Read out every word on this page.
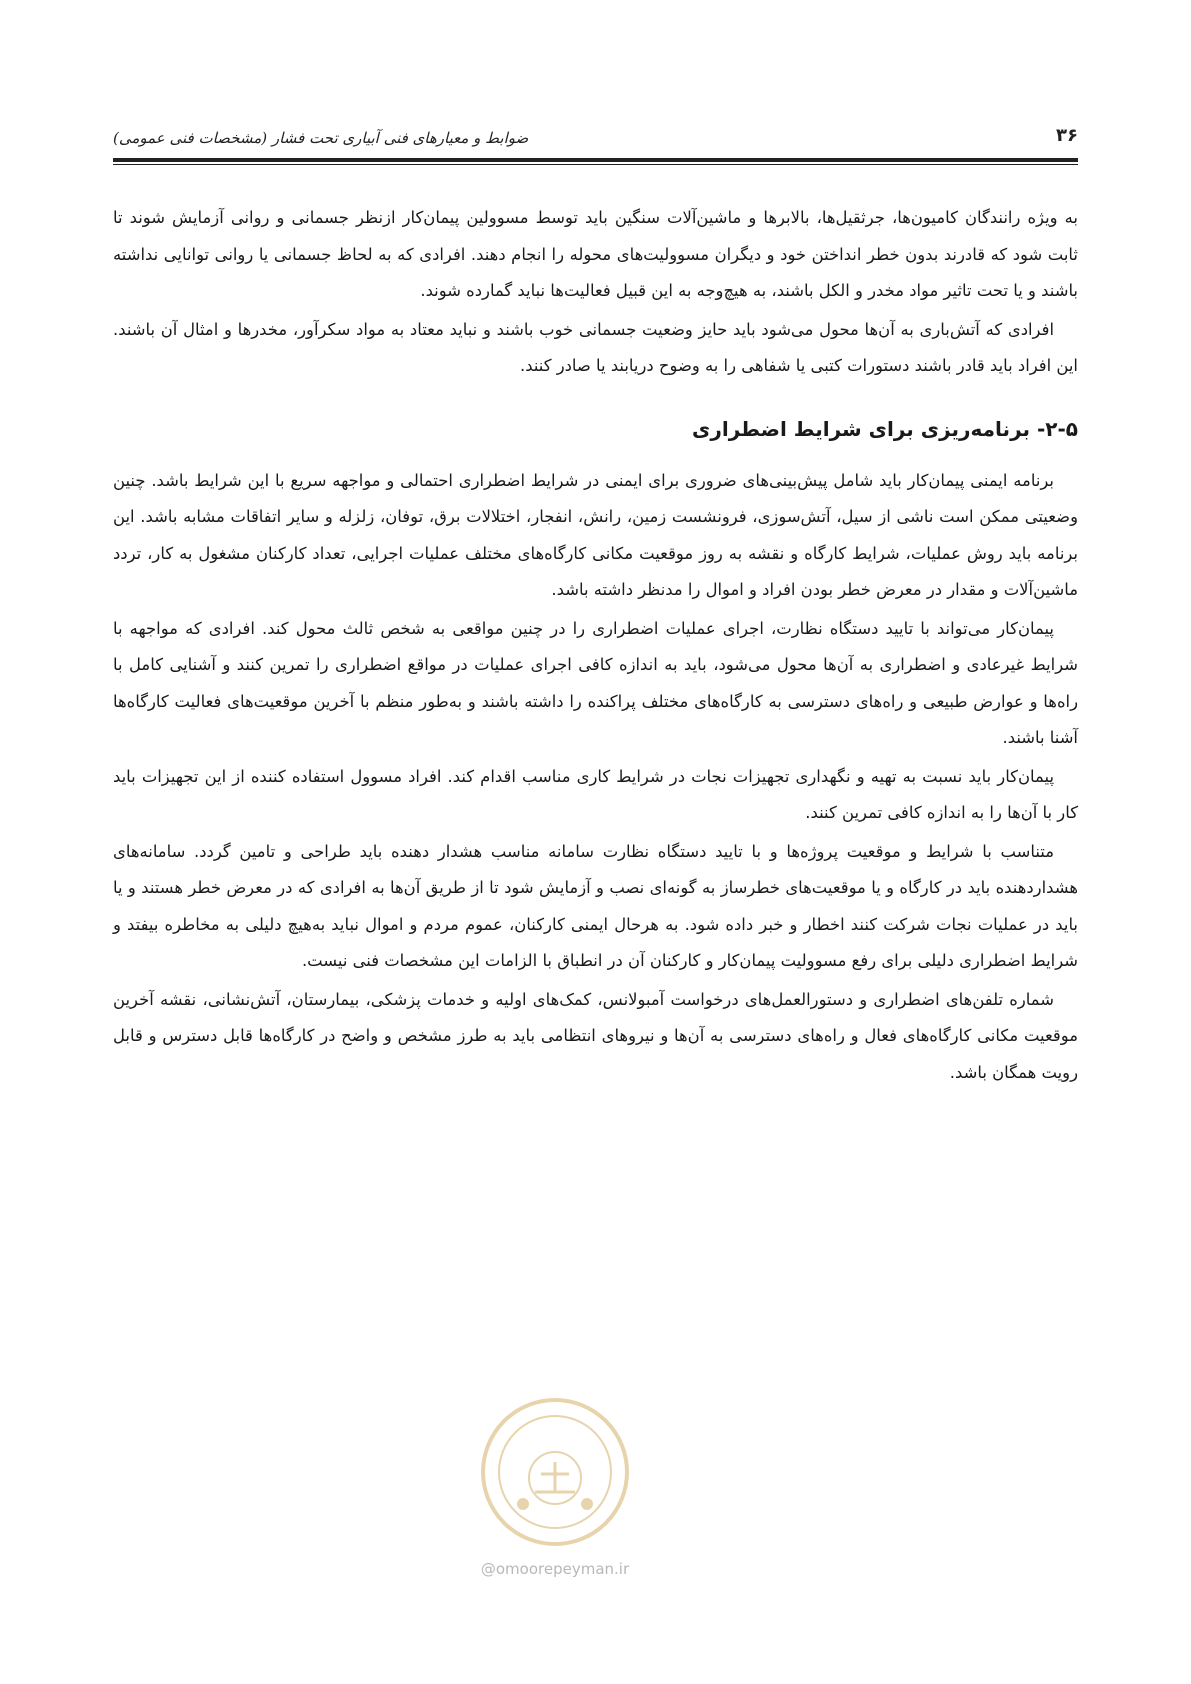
ضوابط و معیارهای فنی آبیاری تحت فشار (مشخصات فنی عمومی)	۳۶

به ویژه رانندگان کامیون‌ها، جرثقیل‌ها، بالابرها و ماشین‌آلات سنگین باید توسط مسوولین پیمان‌کار ازنظر جسمانی و روانی آزمایش شوند تا ثابت شود که قادرند بدون خطر انداختن خود و دیگران مسوولیت‌های محوله را انجام دهند. افرادی که به لحاظ جسمانی یا روانی توانایی نداشته باشند و یا تحت تاثیر مواد مخدر و الکل باشند، به هیچ‌وجه به این قبیل فعالیت‌ها نباید گمارده شوند.

افرادی که آتش‌باری به آن‌ها محول می‌شود باید حایز وضعیت جسمانی خوب باشند و نباید معتاد به مواد سکرآور، مخدرها و امثال آن باشند. این افراد باید قادر باشند دستورات کتبی یا شفاهی را به وضوح دریابند یا صادر کنند.

۲-۵- برنامه‌ریزی برای شرایط اضطراری

برنامه ایمنی پیمان‌کار باید شامل پیش‌بینی‌های ضروری برای ایمنی در شرایط اضطراری احتمالی و مواجهه سریع با این شرایط باشد. چنین وضعیتی ممکن است ناشی از سیل، آتش‌سوزی، فرونشست زمین، رانش، انفجار، اختلالات برق، توفان، زلزله و سایر اتفاقات مشابه باشد. این برنامه باید روش عملیات، شرایط کارگاه و نقشه به روز موقعیت مکانی کارگاه‌های مختلف عملیات اجرایی، تعداد کارکنان مشغول به کار، تردد ماشین‌آلات و مقدار در معرض خطر بودن افراد و اموال را مدنظر داشته باشد.

پیمان‌کار می‌تواند با تایید دستگاه نظارت، اجرای عملیات اضطراری را در چنین مواقعی به شخص ثالث محول کند. افرادی که مواجهه با شرایط غیرعادی و اضطراری به آن‌ها محول می‌شود، باید به اندازه کافی اجرای عملیات در مواقع اضطراری را تمرین کنند و آشنایی کامل با راه‌ها و عوارض طبیعی و راه‌های دسترسی به کارگاه‌های مختلف پراکنده را داشته باشند و به‌طور منظم با آخرین موقعیت‌های فعالیت کارگاه‌ها آشنا باشند.

پیمان‌کار باید نسبت به تهیه و نگهداری تجهیزات نجات در شرایط کاری مناسب اقدام کند. افراد مسوول استفاده کننده از این تجهیزات باید کار با آن‌ها را به اندازه کافی تمرین کنند.

متناسب با شرایط و موقعیت پروژه‌ها و با تایید دستگاه نظارت سامانه مناسب هشدار دهنده باید طراحی و تامین گردد. سامانه‌های هشداردهنده باید در کارگاه و یا موقعیت‌های خطرساز به گونه‌ای نصب و آزمایش شود تا از طریق آن‌ها به افرادی که در معرض خطر هستند و یا باید در عملیات نجات شرکت کنند اخطار و خبر داده شود. به هرحال ایمنی کارکنان، عموم مردم و اموال نباید به‌هیچ دلیلی به مخاطره بیفتد و شرایط اضطراری دلیلی برای رفع مسوولیت پیمان‌کار و کارکنان آن در انطباق با الزامات این مشخصات فنی نیست.

شماره تلفن‌های اضطراری و دستورالعمل‌های درخواست آمبولانس، کمک‌های اولیه و خدمات پزشکی، بیمارستان، آتش‌نشانی، نقشه آخرین موقعیت مکانی کارگاه‌های فعال و راه‌های دسترسی به آن‌ها و نیروهای انتظامی باید به طرز مشخص و واضح در کارگاه‌ها قابل دسترس و قابل رویت همگان باشد.

@omoorepeyman.ir
